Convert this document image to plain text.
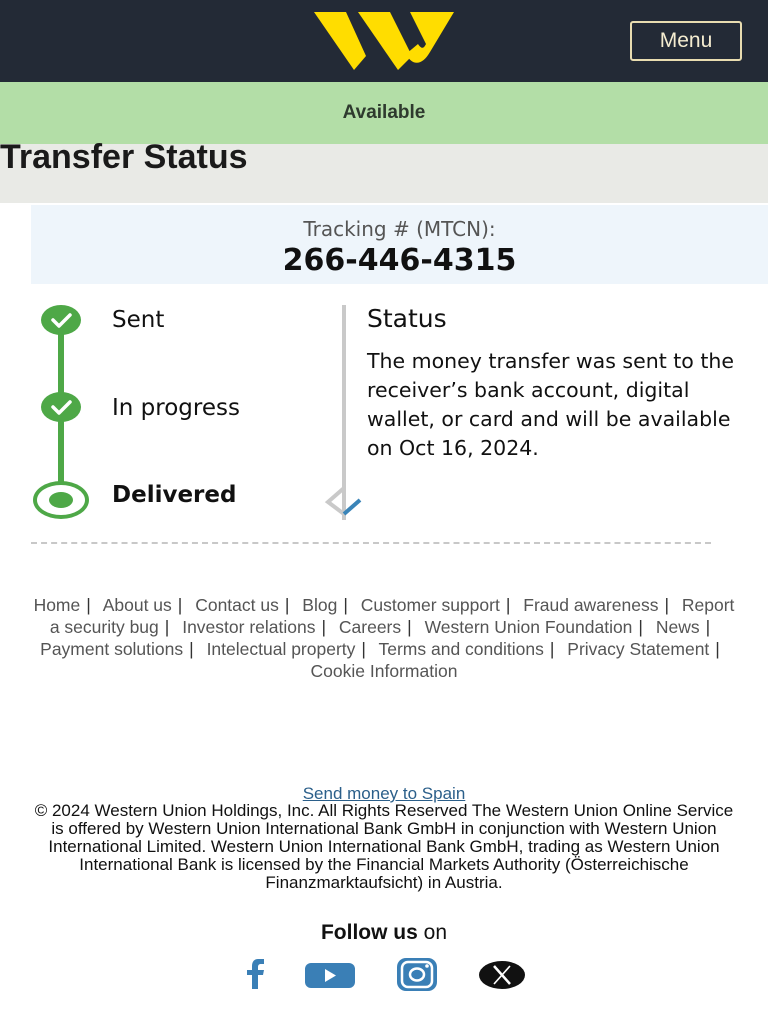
Menu
Available
Transfer Status
Tracking # (MTCN):
266-446-4315
Sent
In progress
Delivered
Status
The money transfer was sent to the receiver’s bank account, digital wallet, or card and will be available on Oct 16, 2024.
Home | About us | Contact us | Blog | Customer support | Fraud awareness | Report a security bug | Investor relations | Careers | Western Union Foundation | News | Payment solutions | Intelectual property | Terms and conditions | Privacy Statement | Cookie Information
Send money to Spain
© 2024 Western Union Holdings, Inc. All Rights Reserved The Western Union Online Service is offered by Western Union International Bank GmbH in conjunction with Western Union International Limited. Western Union International Bank GmbH, trading as Western Union International Bank is licensed by the Financial Markets Authority (Österreichische Finanzmarktaufsicht) in Austria.
Follow us on
